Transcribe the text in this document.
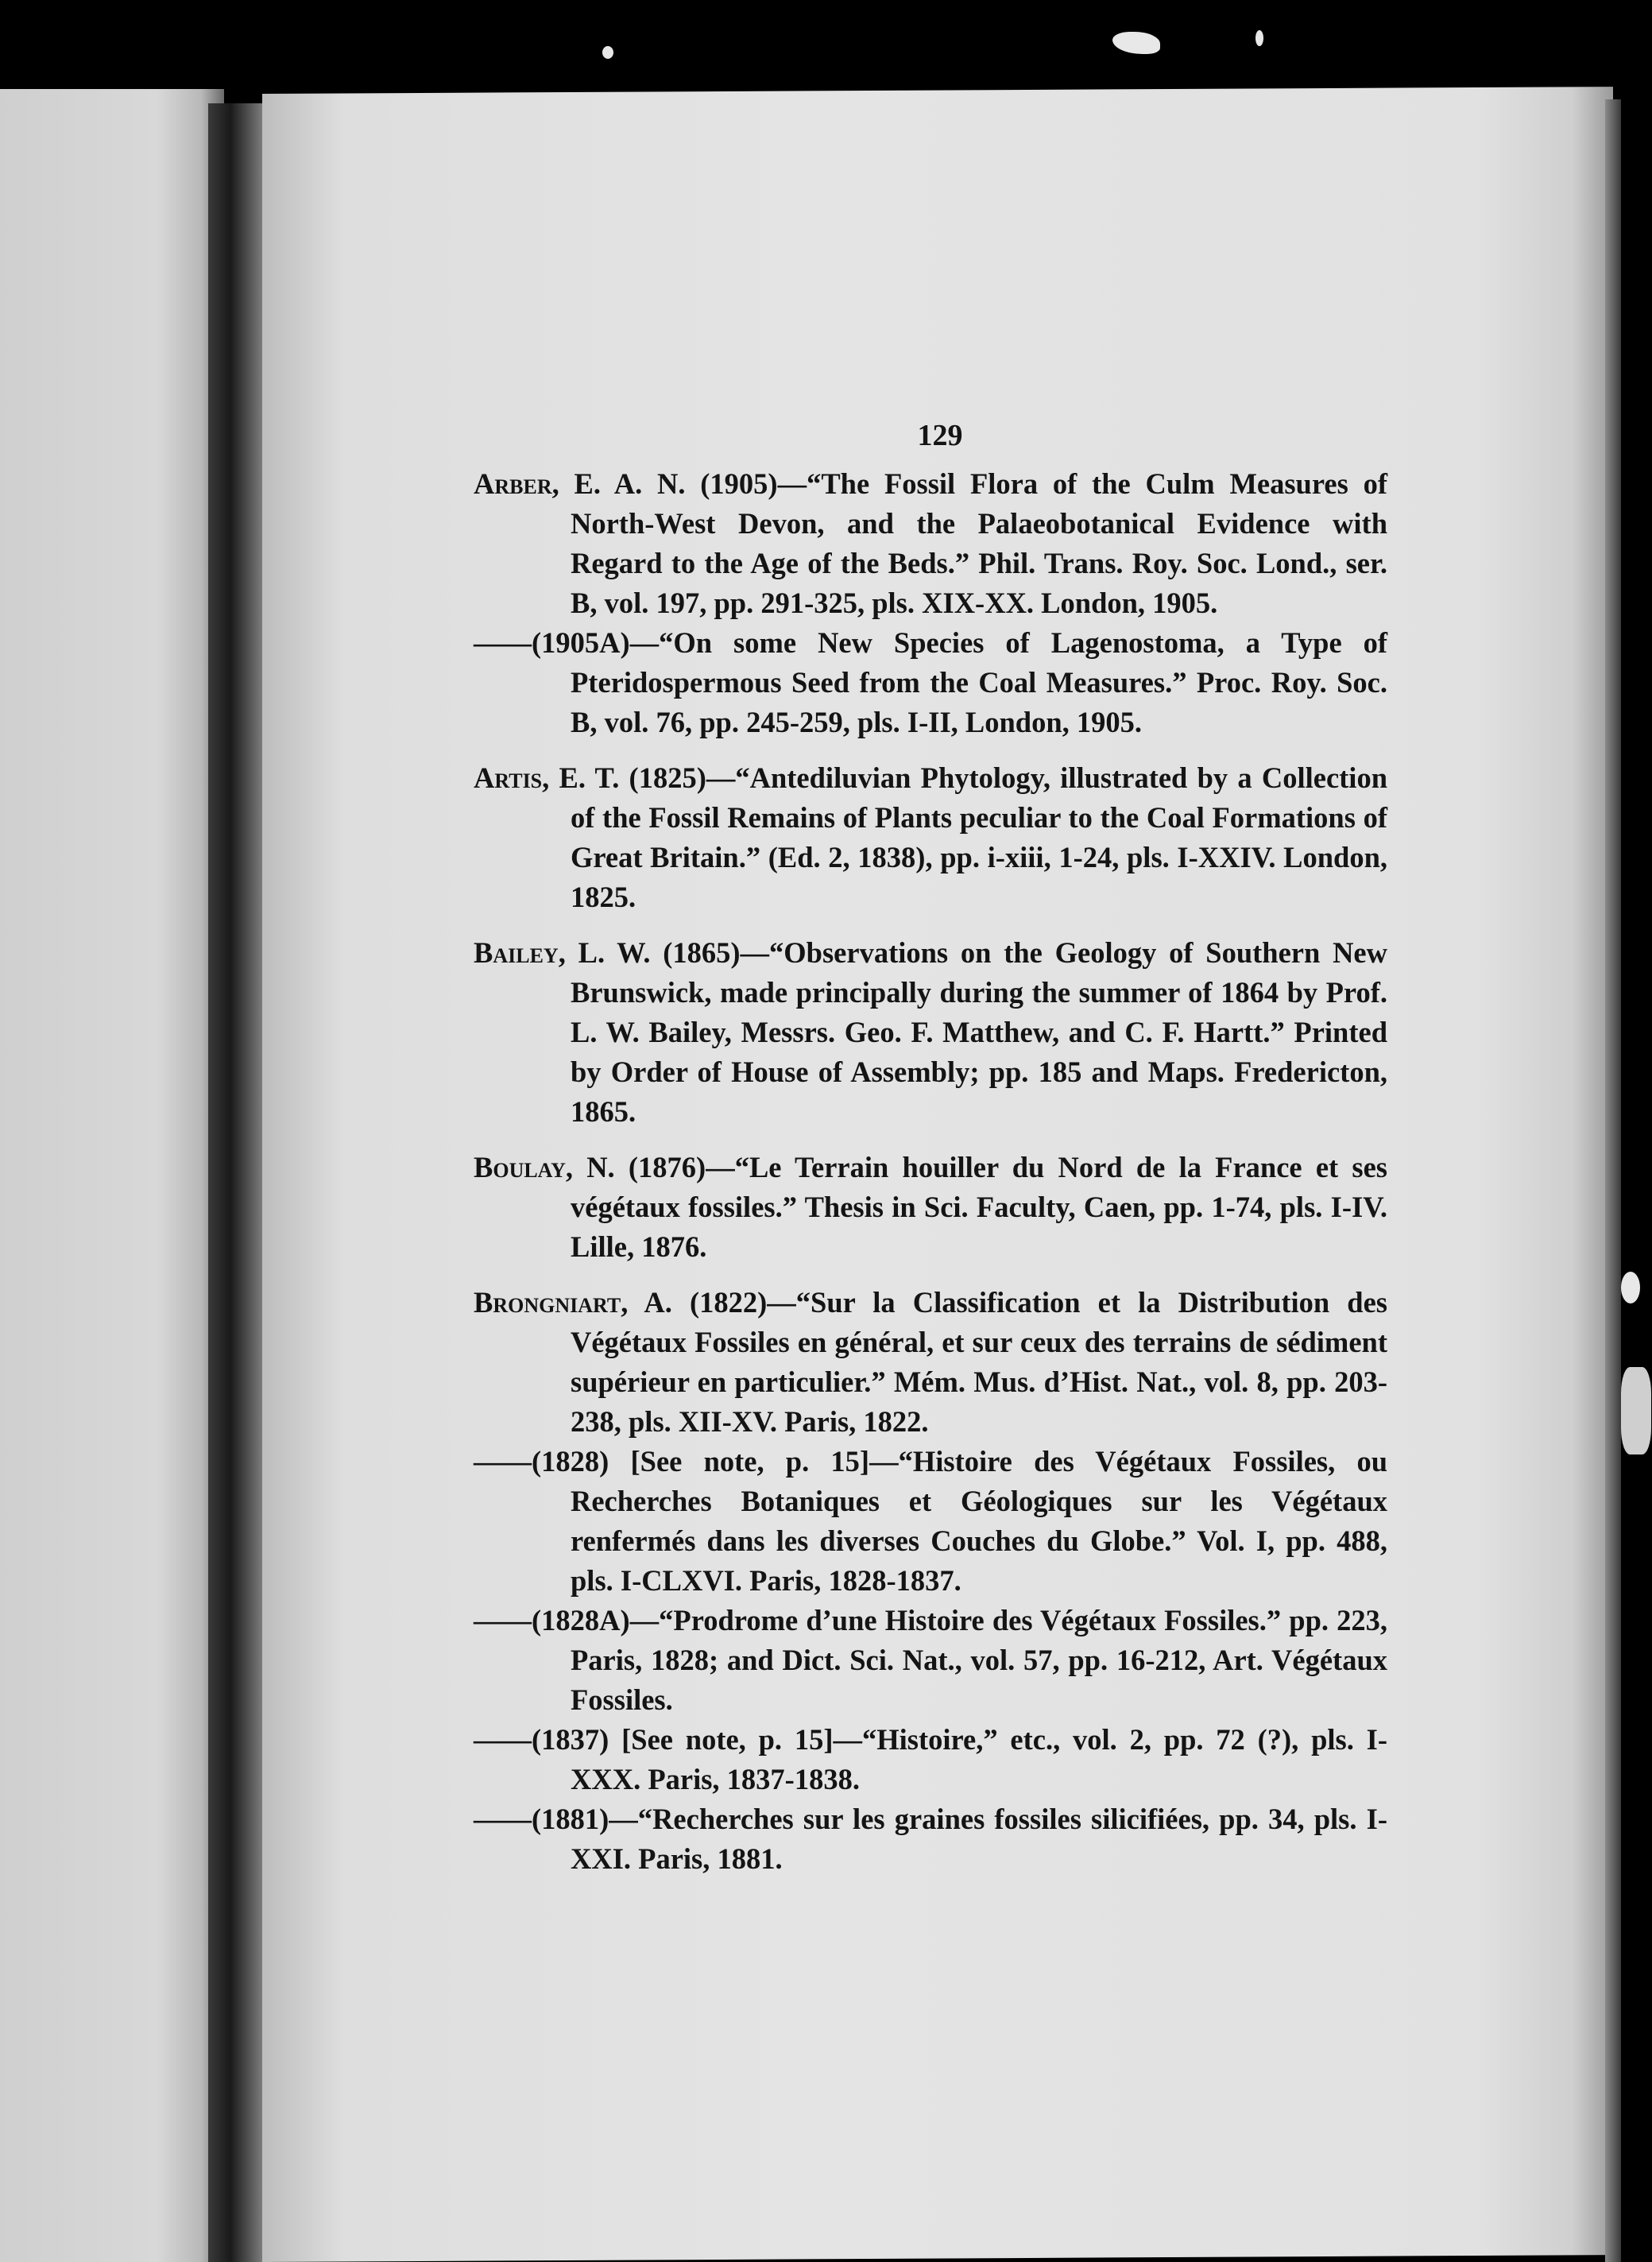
129
Arber, E. A. N. (1905)—“The Fossil Flora of the Culm Measures of North-West Devon, and the Palaeobotanical Evidence with Regard to the Age of the Beds.” Phil. Trans. Roy. Soc. Lond., ser. B, vol. 197, pp. 291-325, pls. XIX-XX. London, 1905.
——(1905A)—“On some New Species of Lagenostoma, a Type of Pteridospermous Seed from the Coal Measures.” Proc. Roy. Soc. B, vol. 76, pp. 245-259, pls. I-II, London, 1905.
Artis, E. T. (1825)—“Antediluvian Phytology, illustrated by a Collection of the Fossil Remains of Plants peculiar to the Coal Formations of Great Britain.” (Ed. 2, 1838), pp. i-xiii, 1-24, pls. I-XXIV. London, 1825.
Bailey, L. W. (1865)—“Observations on the Geology of Southern New Brunswick, made principally during the summer of 1864 by Prof. L. W. Bailey, Messrs. Geo. F. Matthew, and C. F. Hartt.” Printed by Order of House of Assembly; pp. 185 and Maps. Fredericton, 1865.
Boulay, N. (1876)—“Le Terrain houiller du Nord de la France et ses végétaux fossiles.” Thesis in Sci. Faculty, Caen, pp. 1-74, pls. I-IV. Lille, 1876.
Brongniart, A. (1822)—“Sur la Classification et la Distribution des Végétaux Fossiles en général, et sur ceux des terrains de sédiment supérieur en particulier.” Mém. Mus. d’Hist. Nat., vol. 8, pp. 203-238, pls. XII-XV. Paris, 1822.
——(1828) [See note, p. 15]—“Histoire des Végétaux Fossiles, ou Recherches Botaniques et Géologiques sur les Végétaux renfermés dans les diverses Couches du Globe.” Vol. I, pp. 488, pls. I-CLXVI. Paris, 1828-1837.
——(1828A)—“Prodrome d’une Histoire des Végétaux Fossiles.” pp. 223, Paris, 1828; and Dict. Sci. Nat., vol. 57, pp. 16-212, Art. Végétaux Fossiles.
——(1837) [See note, p. 15]—“Histoire,” etc., vol. 2, pp. 72 (?), pls. I-XXX. Paris, 1837-1838.
——(1881)—“Recherches sur les graines fossiles silicifiées, pp. 34, pls. I-XXI. Paris, 1881.
